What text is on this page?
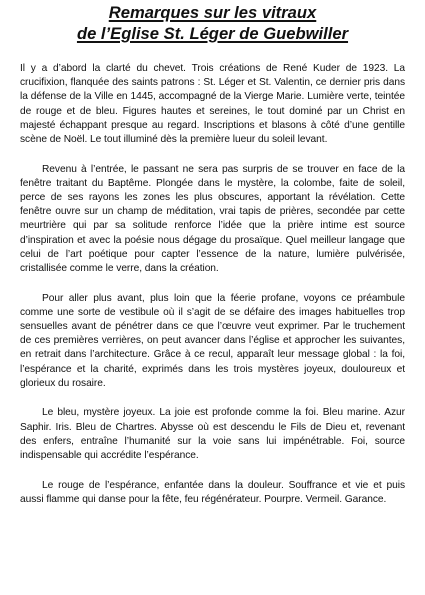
Remarques sur les vitraux
de l’Eglise St. Léger de Guebwiller

Il y a d’abord la clarté du chevet. Trois créations de René Kuder de 1923. La crucifixion, flanquée des saints patrons : St. Léger et St. Valentin, ce dernier pris dans la défense de la Ville en 1445, accompagné de la Vierge Marie. Lumière verte, teintée de rouge et de bleu. Figures hautes et sereines, le tout dominé par un Christ en majesté échappant presque au regard. Inscriptions et blasons à côté d’une gentille scène de Noël. Le tout illuminé dès la première lueur du soleil levant.

Revenu à l’entrée, le passant ne sera pas surpris de se trouver en face de la fenêtre traitant du Baptême. Plongée dans le mystère, la colombe, faite de soleil, perce de ses rayons les zones les plus obscures, apportant la révélation. Cette fenêtre ouvre sur un champ de méditation, vrai tapis de prières, secondée par cette meurtrière qui par sa solitude renforce l’idée que la prière intime est source d’inspiration et avec la poésie nous dégage du prosaïque. Quel meilleur langage que celui de l’art poétique pour capter l’essence de la nature, lumière pulvérisée, cristallisée comme le verre, dans la création.

Pour aller plus avant, plus loin que la féerie profane, voyons ce préambule comme une sorte de vestibule où il s’agit de se défaire des images habituelles trop sensuelles avant de pénétrer dans ce que l’œuvre veut exprimer. Par le truchement de ces premières verrières, on peut avancer dans l’église et approcher les suivantes, en retrait dans l’architecture. Grâce à ce recul, apparaît leur message global : la foi, l’espérance et la charité, exprimés dans les trois mystères joyeux, douloureux et glorieux du rosaire.

Le bleu, mystère joyeux. La joie est profonde comme la foi. Bleu marine. Azur Saphir. Iris. Bleu de Chartres. Abysse où est descendu le Fils de Dieu et, revenant des enfers, entraîne l’humanité sur la voie sans lui impénétrable. Foi, source indispensable qui accrédite l’espérance.

Le rouge de l’espérance, enfantée dans la douleur. Souffrance et vie et puis aussi flamme qui danse pour la fête, feu régénérateur. Pourpre. Vermeil. Garance.
